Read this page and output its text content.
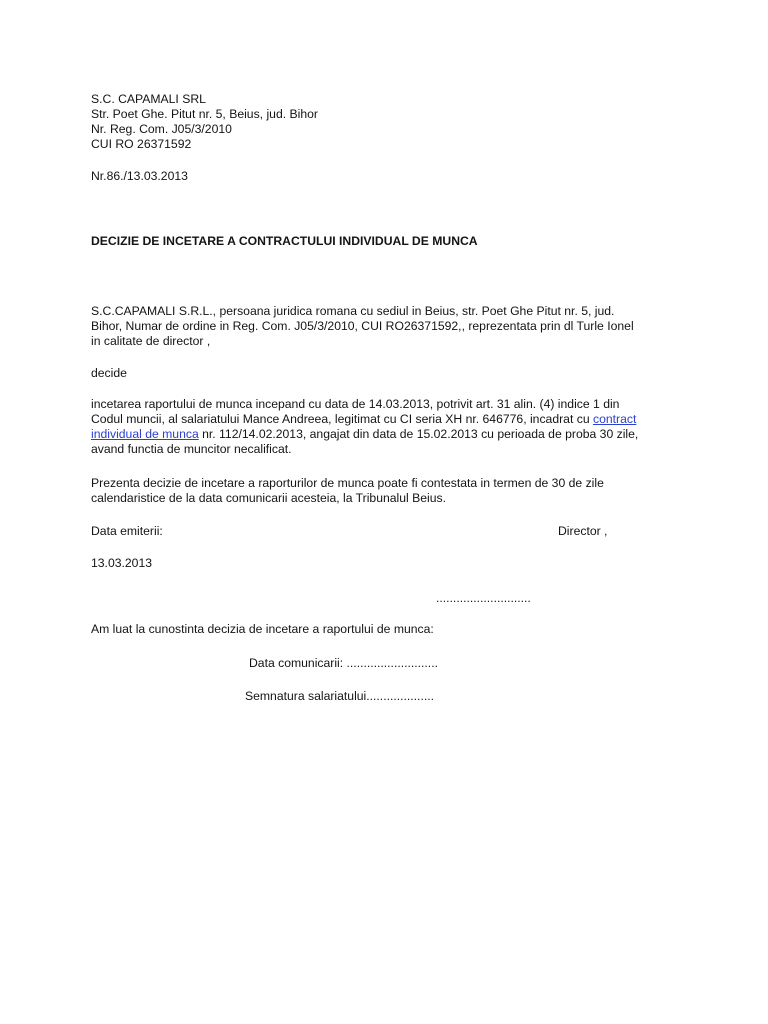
S.C. CAPAMALI SRL
Str. Poet Ghe. Pitut nr. 5, Beius, jud. Bihor
Nr. Reg. Com. J05/3/2010
CUI RO 26371592
Nr.86./13.03.2013
DECIZIE DE INCETARE A CONTRACTULUI INDIVIDUAL DE MUNCA
S.C.CAPAMALI S.R.L., persoana juridica romana cu sediul in Beius, str. Poet Ghe Pitut nr. 5, jud.
Bihor, Numar de ordine in Reg. Com. J05/3/2010, CUI RO26371592,, reprezentata prin dl Turle Ionel
in calitate de director ,
decide
incetarea raportului de munca incepand cu data de 14.03.2013, potrivit art. 31 alin. (4) indice 1 din
Codul muncii, al salariatului Mance Andreea, legitimat cu CI seria XH nr. 646776, incadrat cu contract
individual de munca nr. 112/14.02.2013, angajat din data de 15.02.2013 cu perioada de proba 30 zile,
avand functia de muncitor necalificat.
Prezenta decizie de incetare a raporturilor de munca poate fi contestata in termen de 30 de zile
calendaristice de la data comunicarii acesteia, la Tribunalul Beius.
Data emiterii:	Director ,
13.03.2013
............................
Am luat la cunostinta decizia de incetare a raportului de munca:
Data comunicarii: ...........................
Semnatura salariatului....................
